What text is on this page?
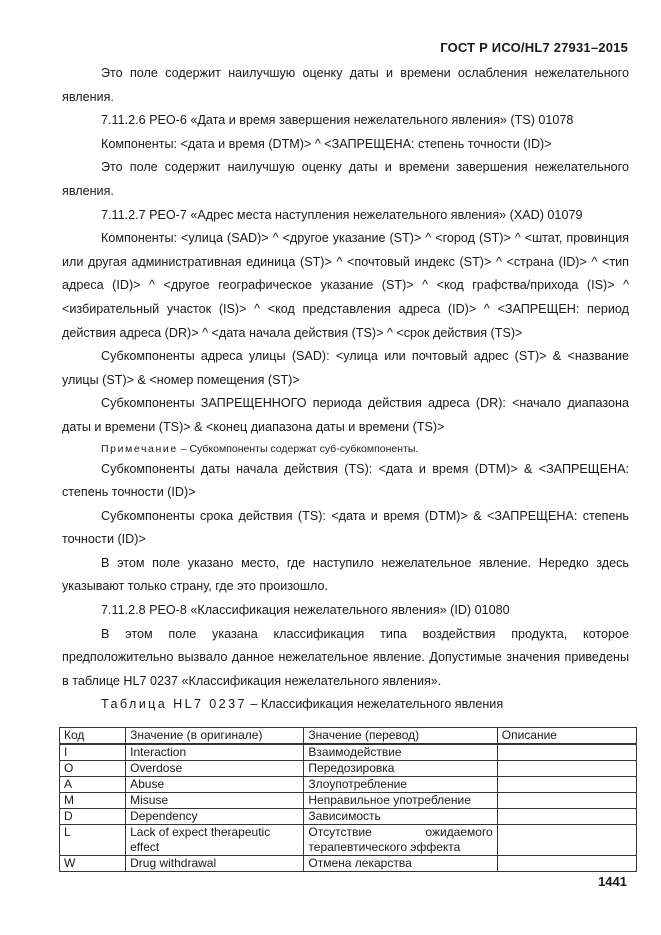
ГОСТ Р ИСО/HL7 27931–2015

Это поле содержит наилучшую оценку даты и времени ослабления нежелательного явления.

7.11.2.6 PEO-6 «Дата и время завершения нежелательного явления» (TS) 01078

Компоненты: <дата и время (DTM)> ^ <ЗАПРЕЩЕНА: степень точности (ID)>

Это поле содержит наилучшую оценку даты и времени завершения нежелательного явления.

7.11.2.7 PEO-7 «Адрес места наступления нежелательного явления» (XAD) 01079

Компоненты: <улица (SAD)> ^ <другое указание (ST)> ^ <город (ST)> ^ <штат, провинция или другая административная единица (ST)> ^ <почтовый индекс (ST)> ^ <страна (ID)> ^ <тип адреса (ID)> ^ <другое географическое указание (ST)> ^ <код графства/прихода (IS)> ^ <избирательный участок (IS)> ^ <код представления адреса (ID)> ^ <ЗАПРЕЩЕН: период действия адреса (DR)> ^ <дата начала действия (TS)> ^ <срок действия (TS)>

Субкомпоненты адреса улицы (SAD): <улица или почтовый адрес (ST)> & <название улицы (ST)> & <номер помещения (ST)>

Субкомпоненты ЗАПРЕЩЕННОГО периода действия адреса (DR): <начало диапазона даты и времени (TS)> & <конец диапазона даты и времени (TS)>

Примечание – Субкомпоненты содержат суб-субкомпоненты.

Субкомпоненты даты начала действия (TS): <дата и время (DTM)> & <ЗАПРЕЩЕНА: степень точности (ID)>

Субкомпоненты срока действия (TS): <дата и время (DTM)> & <ЗАПРЕЩЕНА: степень точности (ID)>

В этом поле указано место, где наступило нежелательное явление. Нередко здесь указывают только страну, где это произошло.

7.11.2.8 PEO-8 «Классификация нежелательного явления» (ID) 01080

В этом поле указана классификация типа воздействия продукта, которое предположительно вызвало данное нежелательное явление. Допустимые значения приведены в таблице HL7 0237 «Классификация нежелательного явления».

Таблица HL7 0237 – Классификация нежелательного явления

Код	Значение (в оригинале)	Значение (перевод)	Описание
I	Interaction	Взаимодействие	
O	Overdose	Передозировка	
A	Abuse	Злоупотребление	
M	Misuse	Неправильное употребление	
D	Dependency	Зависимость	
L	Lack of expect therapeutic effect	Отсутствие ожидаемого терапевтического эффекта	
W	Drug withdrawal	Отмена лекарства	
1441
